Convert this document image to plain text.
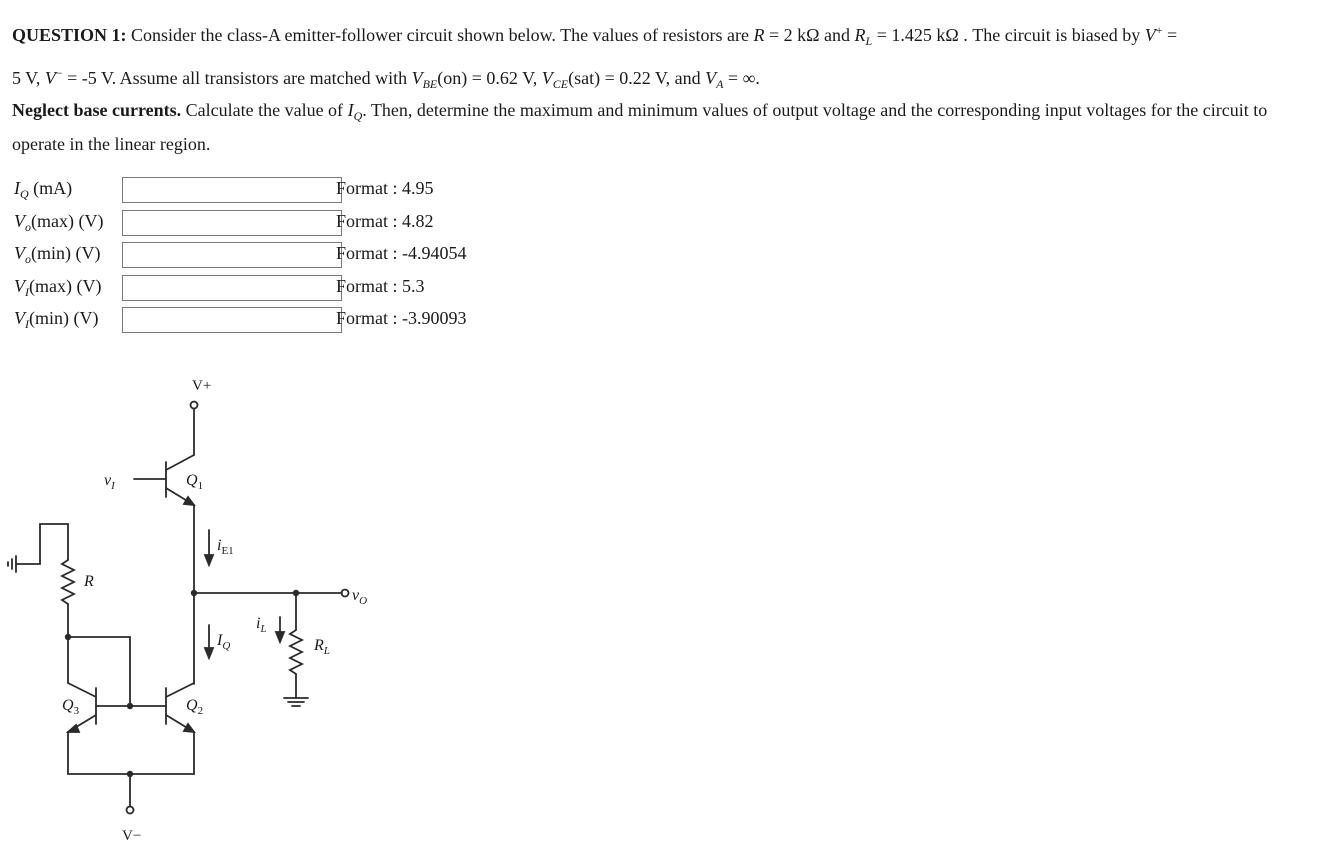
QUESTION 1: Consider the class-A emitter-follower circuit shown below. The values of resistors are R = 2 kΩ and $R_L = 1.425$ kΩ . The circuit is biased by V+ =
5 V, V− = -5 V. Assume all transistors are matched with $V_{BE}(on) = 0.62$ V, $V_{CE}(sat) = 0.22$ V, and $V_A$ = ∞.
Neglect base currents. Calculate the value of $I_Q$. Then, determine the maximum and minimum values of output voltage and the corresponding input voltages for the circuit to operate in the linear region.
$I_Q$ (mA)	Format : 4.95
$V_o(\max)$ (V)	Format : 4.82
$V_o(\min)$ (V)	Format : -4.94054
$V_I(\max)$ (V)	Format : 5.3
$V_I(\min)$ (V)	Format : -3.90093
V+
V−
$v_I$	$Q_1$
$Q_2$
$Q_3$
R
$R_L$
$i_{E1}$
$I_Q$
$i_L$
$v_O$
